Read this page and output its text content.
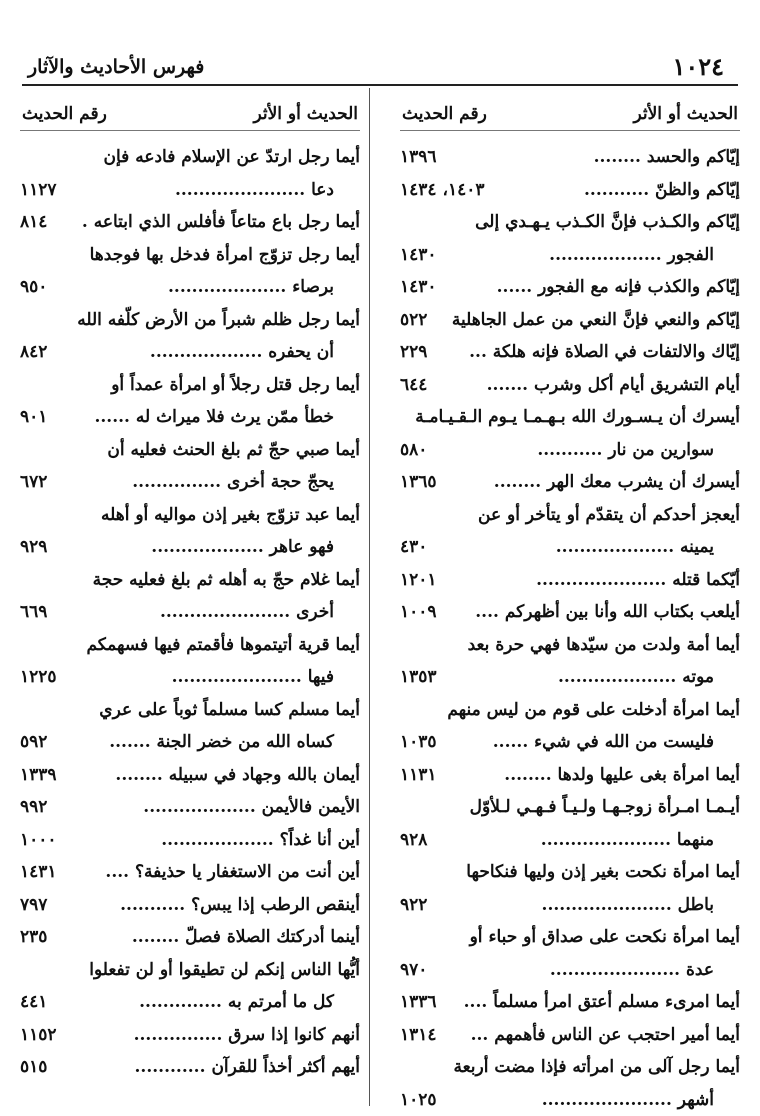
١٠٢٤
فهرس الأحاديث والآثار
الحديث أو الأثر
رقم الحديث
إيّاكم والحسد ........
١٣٩٦
إيّاكم والظنّ ...........
١٤٠٣، ١٤٣٤
إيّاكم والكـذب فإنَّ الكـذب يـهـدي إلى
الفجور ...................
١٤٣٠
إيّاكم والكذب فإنه مع الفجور ......
١٤٣٠
إيّاكم والنعي فإنَّ النعي من عمل الجاهلية
٥٢٢
إيّاك والالتفات في الصلاة فإنه هلكة ...
٢٢٩
أيام التشريق أيام أكل وشرب .......
٦٤٤
أيسرك أن يـسـورك الله بـهـمـا يـوم الـقـيـامـة
سوارين من نار ...........
٥٨٠
أيسرك أن يشرب معك الهر ........
١٣٦٥
أيعجز أحدكم أن يتقدّم أو يتأخر أو عن
يمينه ....................
٤٣٠
أيّكما قتله ......................
١٢٠١
أيلعب بكتاب الله وأنا بين أظهركم ....
١٠٠٩
أيما أمة ولدت من سيّدها فهي حرة بعد
موته ....................
١٣٥٣
أيما امرأة أدخلت على قوم من ليس منهم
فليست من الله في شيء ......
١٠٣٥
أيما امرأة بغى عليها ولدها ........
١١٣١
أيـمـا امـرأة زوجـهـا ولـيـاً فـهـي لـلأوّل
منهما ......................
٩٢٨
أيما امرأة نكحت بغير إذن وليها فنكاحها
باطل ......................
٩٢٢
أيما امرأة نكحت على صداق أو حباء أو
عدة ......................
٩٧٠
أيما امرىء مسلم أعتق امرأ مسلماً ....
١٣٣٦
أيما أمير احتجب عن الناس فأهمهم ...
١٣١٤
أيما رجل آلى من امرأته فإذا مضت أربعة
أشهر ......................
١٠٢٥
الحديث أو الأثر
رقم الحديث
أيما رجل ارتدّ عن الإسلام فادعه فإن
دعا ......................
١١٢٧
أيما رجل باع متاعاً فأفلس الذي ابتاعه .
٨١٤
أيما رجل تزوّج امرأة فدخل بها فوجدها
برصاء ....................
٩٥٠
أيما رجل ظلم شبراً من الأرض كلّفه الله
أن يحفره ...................
٨٤٢
أيما رجل قتل رجلاً أو امرأة عمداً أو
خطأ ممّن يرث فلا ميراث له ......
٩٠١
أيما صبي حجّ ثم بلغ الحنث فعليه أن
يحجّ حجة أخرى ...............
٦٧٢
أيما عبد تزوّج بغير إذن مواليه أو أهله
فهو عاهر ...................
٩٢٩
أيما غلام حجّ به أهله ثم بلغ فعليه حجة
أخرى ......................
٦٦٩
أيما قرية أتيتموها فأقمتم فيها فسهمكم
فيها ......................
١٢٢٥
أيما مسلم كسا مسلماً ثوباً على عري
كساه الله من خضر الجنة .......
٥٩٢
أيمان بالله وجهاد في سبيله ........
١٣٣٩
الأيمن فالأيمن ...................
٩٩٢
أين أنا غداً؟ ...................
١٠٠٠
أين أنت من الاستغفار يا حذيفة؟ ....
١٤٣١
أينقص الرطب إذا يبس؟ ...........
٧٩٧
أينما أدركتك الصلاة فصلّ ........
٢٣٥
أيُّها الناس إنكم لن تطيقوا أو لن تفعلوا
كل ما أمرتم به ..............
٤٤١
أنهم كانوا إذا سرق ...............
١١٥٢
أيهم أكثر أخذاً للقرآن ............
٥١٥
